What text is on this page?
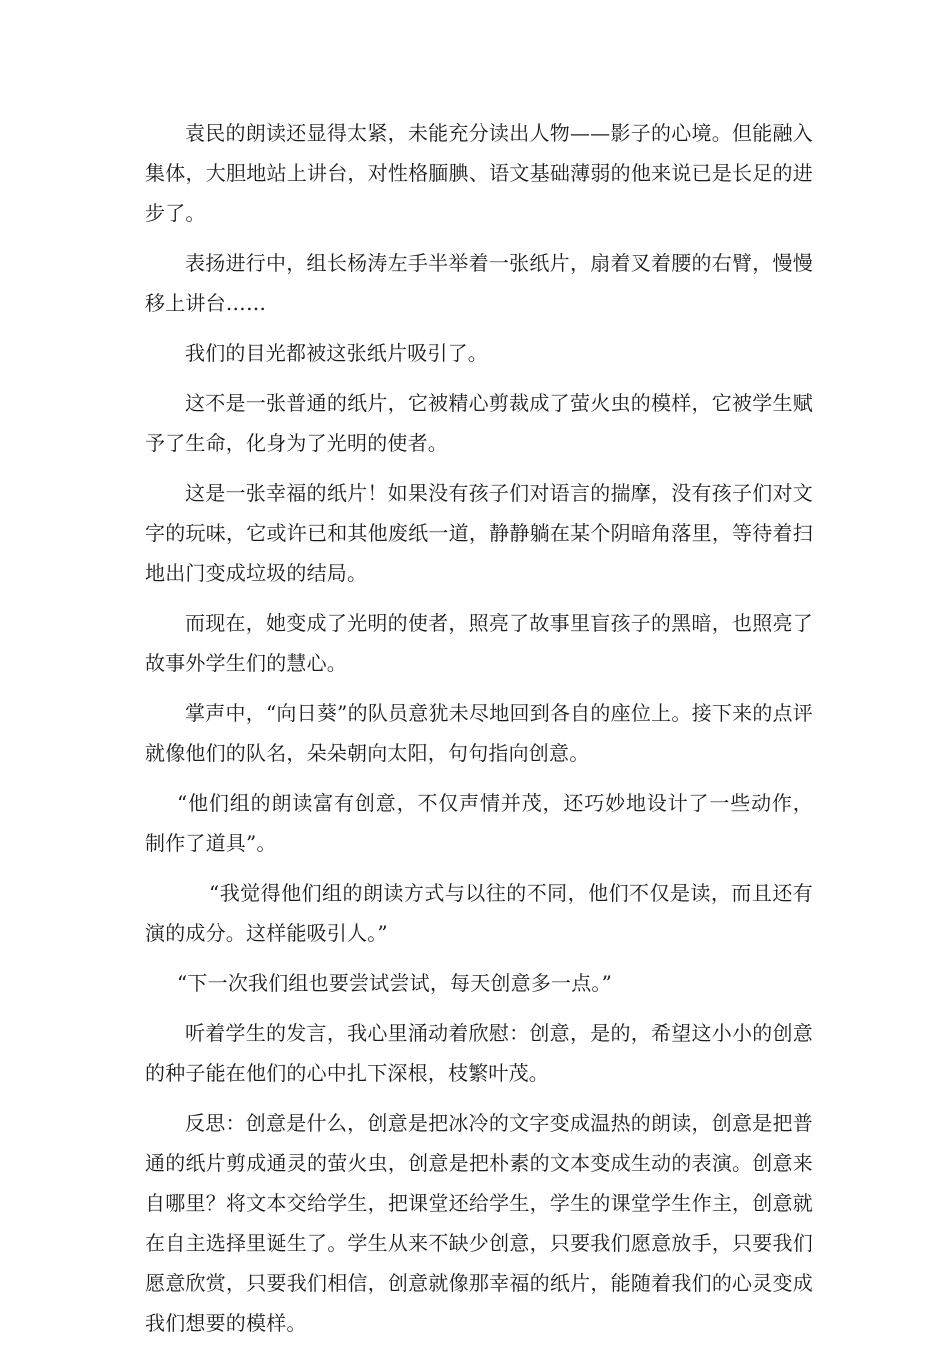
袁民的朗读还显得太紧，未能充分读出人物——影子的心境。但能融入集体，大胆地站上讲台，对性格腼腆、语文基础薄弱的他来说已是长足的进步了。

表扬进行中，组长杨涛左手半举着一张纸片，扇着叉着腰的右臂，慢慢移上讲台……

我们的目光都被这张纸片吸引了。

这不是一张普通的纸片，它被精心剪裁成了萤火虫的模样，它被学生赋予了生命，化身为了光明的使者。

这是一张幸福的纸片！如果没有孩子们对语言的揣摩，没有孩子们对文字的玩味，它或许已和其他废纸一道，静静躺在某个阴暗角落里，等待着扫地出门变成垃圾的结局。

而现在，她变成了光明的使者，照亮了故事里盲孩子的黑暗，也照亮了故事外学生们的慧心。

掌声中，“向日葵”的队员意犹未尽地回到各自的座位上。接下来的点评就像他们的队名，朵朵朝向太阳，句句指向创意。

“他们组的朗读富有创意，不仅声情并茂，还巧妙地设计了一些动作，制作了道具”。

“我觉得他们组的朗读方式与以往的不同，他们不仅是读，而且还有演的成分。这样能吸引人。”

“下一次我们组也要尝试尝试，每天创意多一点。”

听着学生的发言，我心里涌动着欣慰：创意，是的，希望这小小的创意的种子能在他们的心中扎下深根，枝繁叶茂。

反思：创意是什么，创意是把冰冷的文字变成温热的朗读，创意是把普通的纸片剪成通灵的萤火虫，创意是把朴素的文本变成生动的表演。创意来自哪里？将文本交给学生，把课堂还给学生，学生的课堂学生作主，创意就在自主选择里诞生了。学生从来不缺少创意，只要我们愿意放手，只要我们愿意欣赏，只要我们相信，创意就像那幸福的纸片，能随着我们的心灵变成我们想要的模样。
